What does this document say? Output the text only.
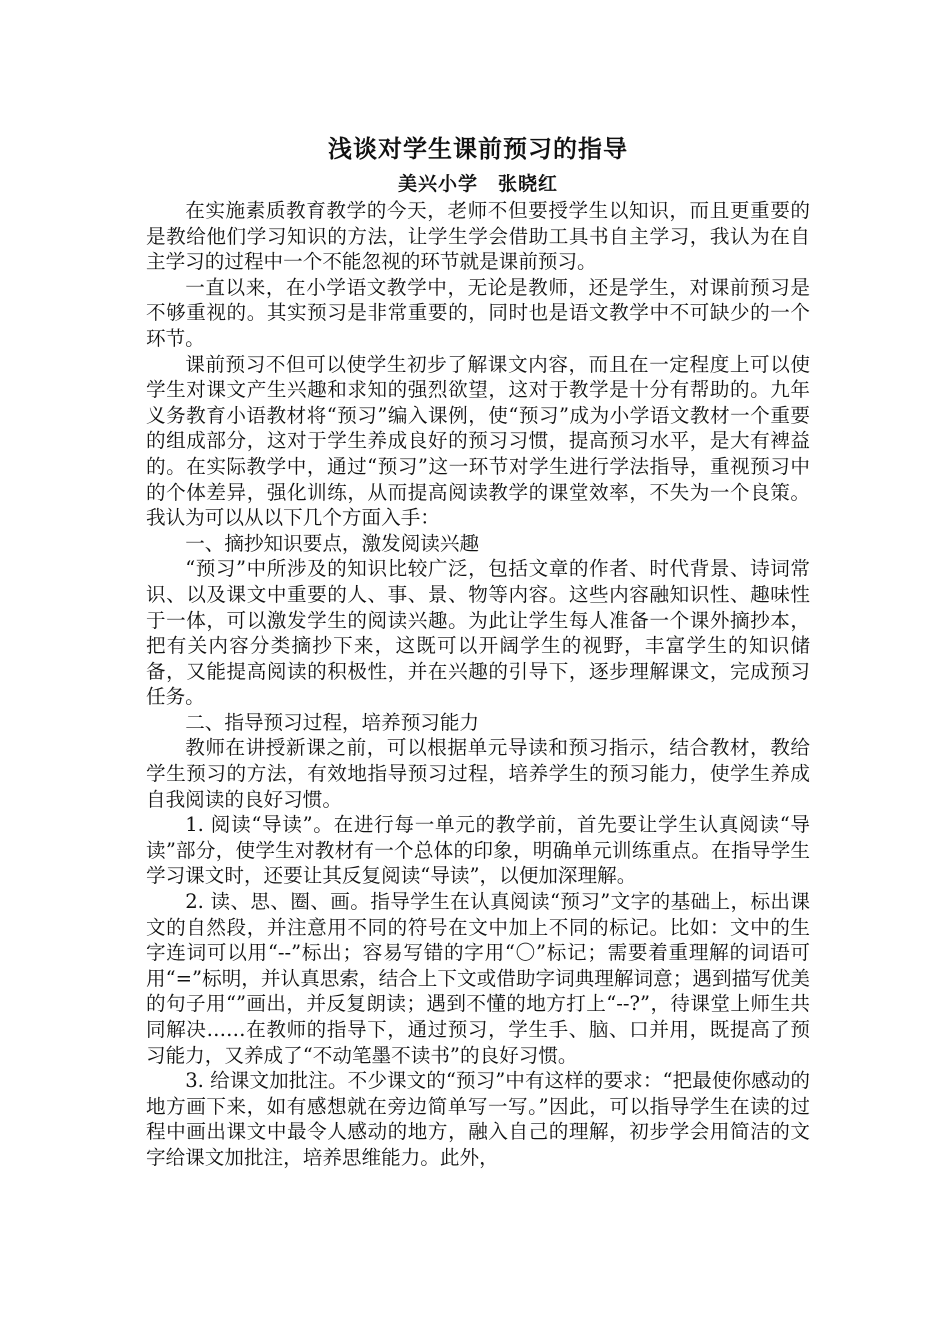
浅谈对学生课前预习的指导
美兴小学　张晓红

在实施素质教育教学的今天，老师不但要授学生以知识，而且更重要的是教给他们学习知识的方法，让学生学会借助工具书自主学习，我认为在自主学习的过程中一个不能忽视的环节就是课前预习。

一直以来，在小学语文教学中，无论是教师，还是学生，对课前预习是不够重视的。其实预习是非常重要的，同时也是语文教学中不可缺少的一个环节。

课前预习不但可以使学生初步了解课文内容，而且在一定程度上可以使学生对课文产生兴趣和求知的强烈欲望，这对于教学是十分有帮助的。九年义务教育小语教材将“预习”编入课例，使“预习”成为小学语文教材一个重要的组成部分，这对于学生养成良好的预习习惯，提高预习水平，是大有裨益的。在实际教学中，通过“预习”这一环节对学生进行学法指导，重视预习中的个体差异，强化训练，从而提高阅读教学的课堂效率，不失为一个良策。我认为可以从以下几个方面入手：

一、摘抄知识要点，激发阅读兴趣

“预习”中所涉及的知识比较广泛，包括文章的作者、时代背景、诗词常识、以及课文中重要的人、事、景、物等内容。这些内容融知识性、趣味性于一体，可以激发学生的阅读兴趣。为此让学生每人准备一个课外摘抄本，把有关内容分类摘抄下来，这既可以开阔学生的视野，丰富学生的知识储备，又能提高阅读的积极性，并在兴趣的引导下，逐步理解课文，完成预习任务。

二、指导预习过程，培养预习能力

教师在讲授新课之前，可以根据单元导读和预习指示，结合教材，教给学生预习的方法，有效地指导预习过程，培养学生的预习能力，使学生养成自我阅读的良好习惯。

1. 阅读“导读”。在进行每一单元的教学前，首先要让学生认真阅读“导读”部分，使学生对教材有一个总体的印象，明确单元训练重点。在指导学生学习课文时，还要让其反复阅读“导读”，以便加深理解。

2. 读、思、圈、画。指导学生在认真阅读“预习”文字的基础上，标出课文的自然段，并注意用不同的符号在文中加上不同的标记。比如：文中的生字连词可以用“--”标出；容易写错的字用“〇”标记；需要着重理解的词语可用“=”标明，并认真思索，结合上下文或借助字词典理解词意；遇到描写优美的句子用“”画出，并反复朗读；遇到不懂的地方打上“--?”，待课堂上师生共同解决……在教师的指导下，通过预习，学生手、脑、口并用，既提高了预习能力，又养成了“不动笔墨不读书”的良好习惯。

3. 给课文加批注。不少课文的“预习”中有这样的要求：“把最使你感动的地方画下来，如有感想就在旁边简单写一写。”因此，可以指导学生在读的过程中画出课文中最令人感动的地方，融入自己的理解，初步学会用简洁的文字给课文加批注，培养思维能力。此外，
